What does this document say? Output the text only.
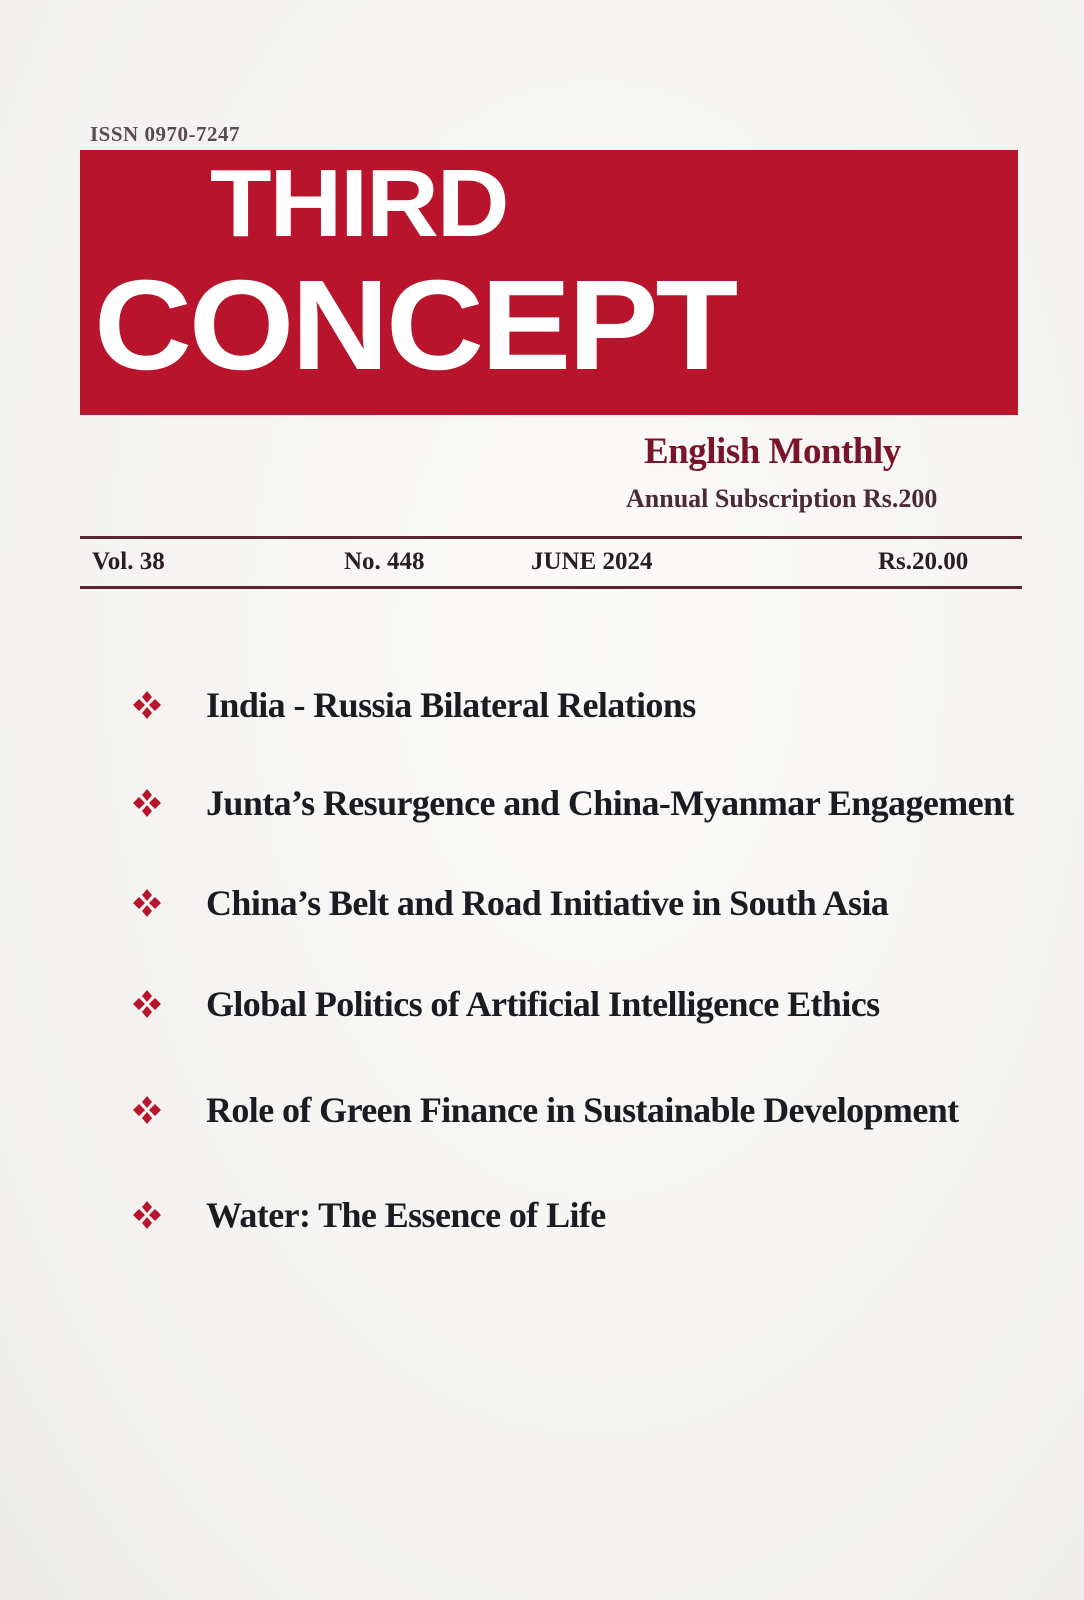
ISSN 0970-7247
THIRD
CONCEPT
English Monthly
Annual Subscription Rs.200
Vol. 38	No. 448	JUNE 2024	Rs.20.00
India - Russia Bilateral Relations
Junta’s Resurgence and China-Myanmar Engagement
China’s Belt and Road Initiative in South Asia
Global Politics of Artificial Intelligence Ethics
Role of Green Finance in Sustainable Development
Water: The Essence of Life
